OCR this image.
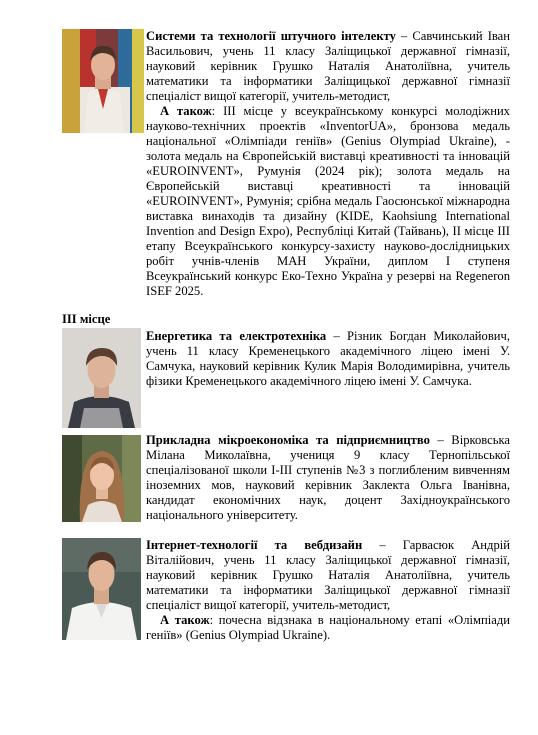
Системи та технології штучного інтелекту – Савчинський Іван Васильович, учень 11 класу Заліщицької державної гімназії, науковий керівник Грушко Наталія Анатоліївна, учитель математики та інформатики Заліщицької державної гімназії спеціаліст вищої категорії, учитель-методист,

А також: ІІІ місце у всеукраїнському конкурсі молодіжних науково-технічних проектів «InventorUA», бронзова медаль національної «Олімпіади геніїв» (Genius Olympiad Ukraine), - золота медаль на Європейській виставці креативності та інновацій «EUROINVENT», Румунія (2024 рік); золота медаль на Європейській виставці креативності та інновацій «EUROINVENT», Румунія; срібна медаль Гаосюнської міжнародна виставка винаходів та дизайну (KIDE, Kaohsiung International Invention and Design Expo), Республіці Китай (Тайвань), ІІ місце ІІІ етапу Всеукраїнського конкурсу-захисту науково-дослідницьких робіт учнів-членів МАН України, диплом І ступеня Всеукраїнський конкурс Еко-Техно Україна у резерві на Regeneron ISEF 2025.

ІІІ місце

Енергетика та електротехніка – Різник Богдан Миколайович, учень 11 класу Кременецького академічного ліцею імені У. Самчука, науковий керівник Кулик Марія Володимирівна, учитель фізики Кременецького академічного ліцею імені У. Самчука.

Прикладна мікроекономіка та підприємництво – Вірковська Мілана Миколаївна, учениця 9 класу Тернопільської спеціалізованої школи І-ІІІ ступенів №3 з поглибленим вивченням іноземних мов, науковий керівник Заклекта Ольга Іванівна, кандидат економічних наук, доцент Західноукраїнського національного університету.

Інтернет-технології та вебдизайн – Гарвасюк Андрій Віталійович, учень 11 класу Заліщицької державної гімназії, науковий керівник Грушко Наталія Анатоліївна, учитель математики та інформатики Заліщицької державної гімназії спеціаліст вищої категорії, учитель-методист,

А також: почесна відзнака в національному етапі «Олімпіади геніїв» (Genius Olympiad Ukraine).
